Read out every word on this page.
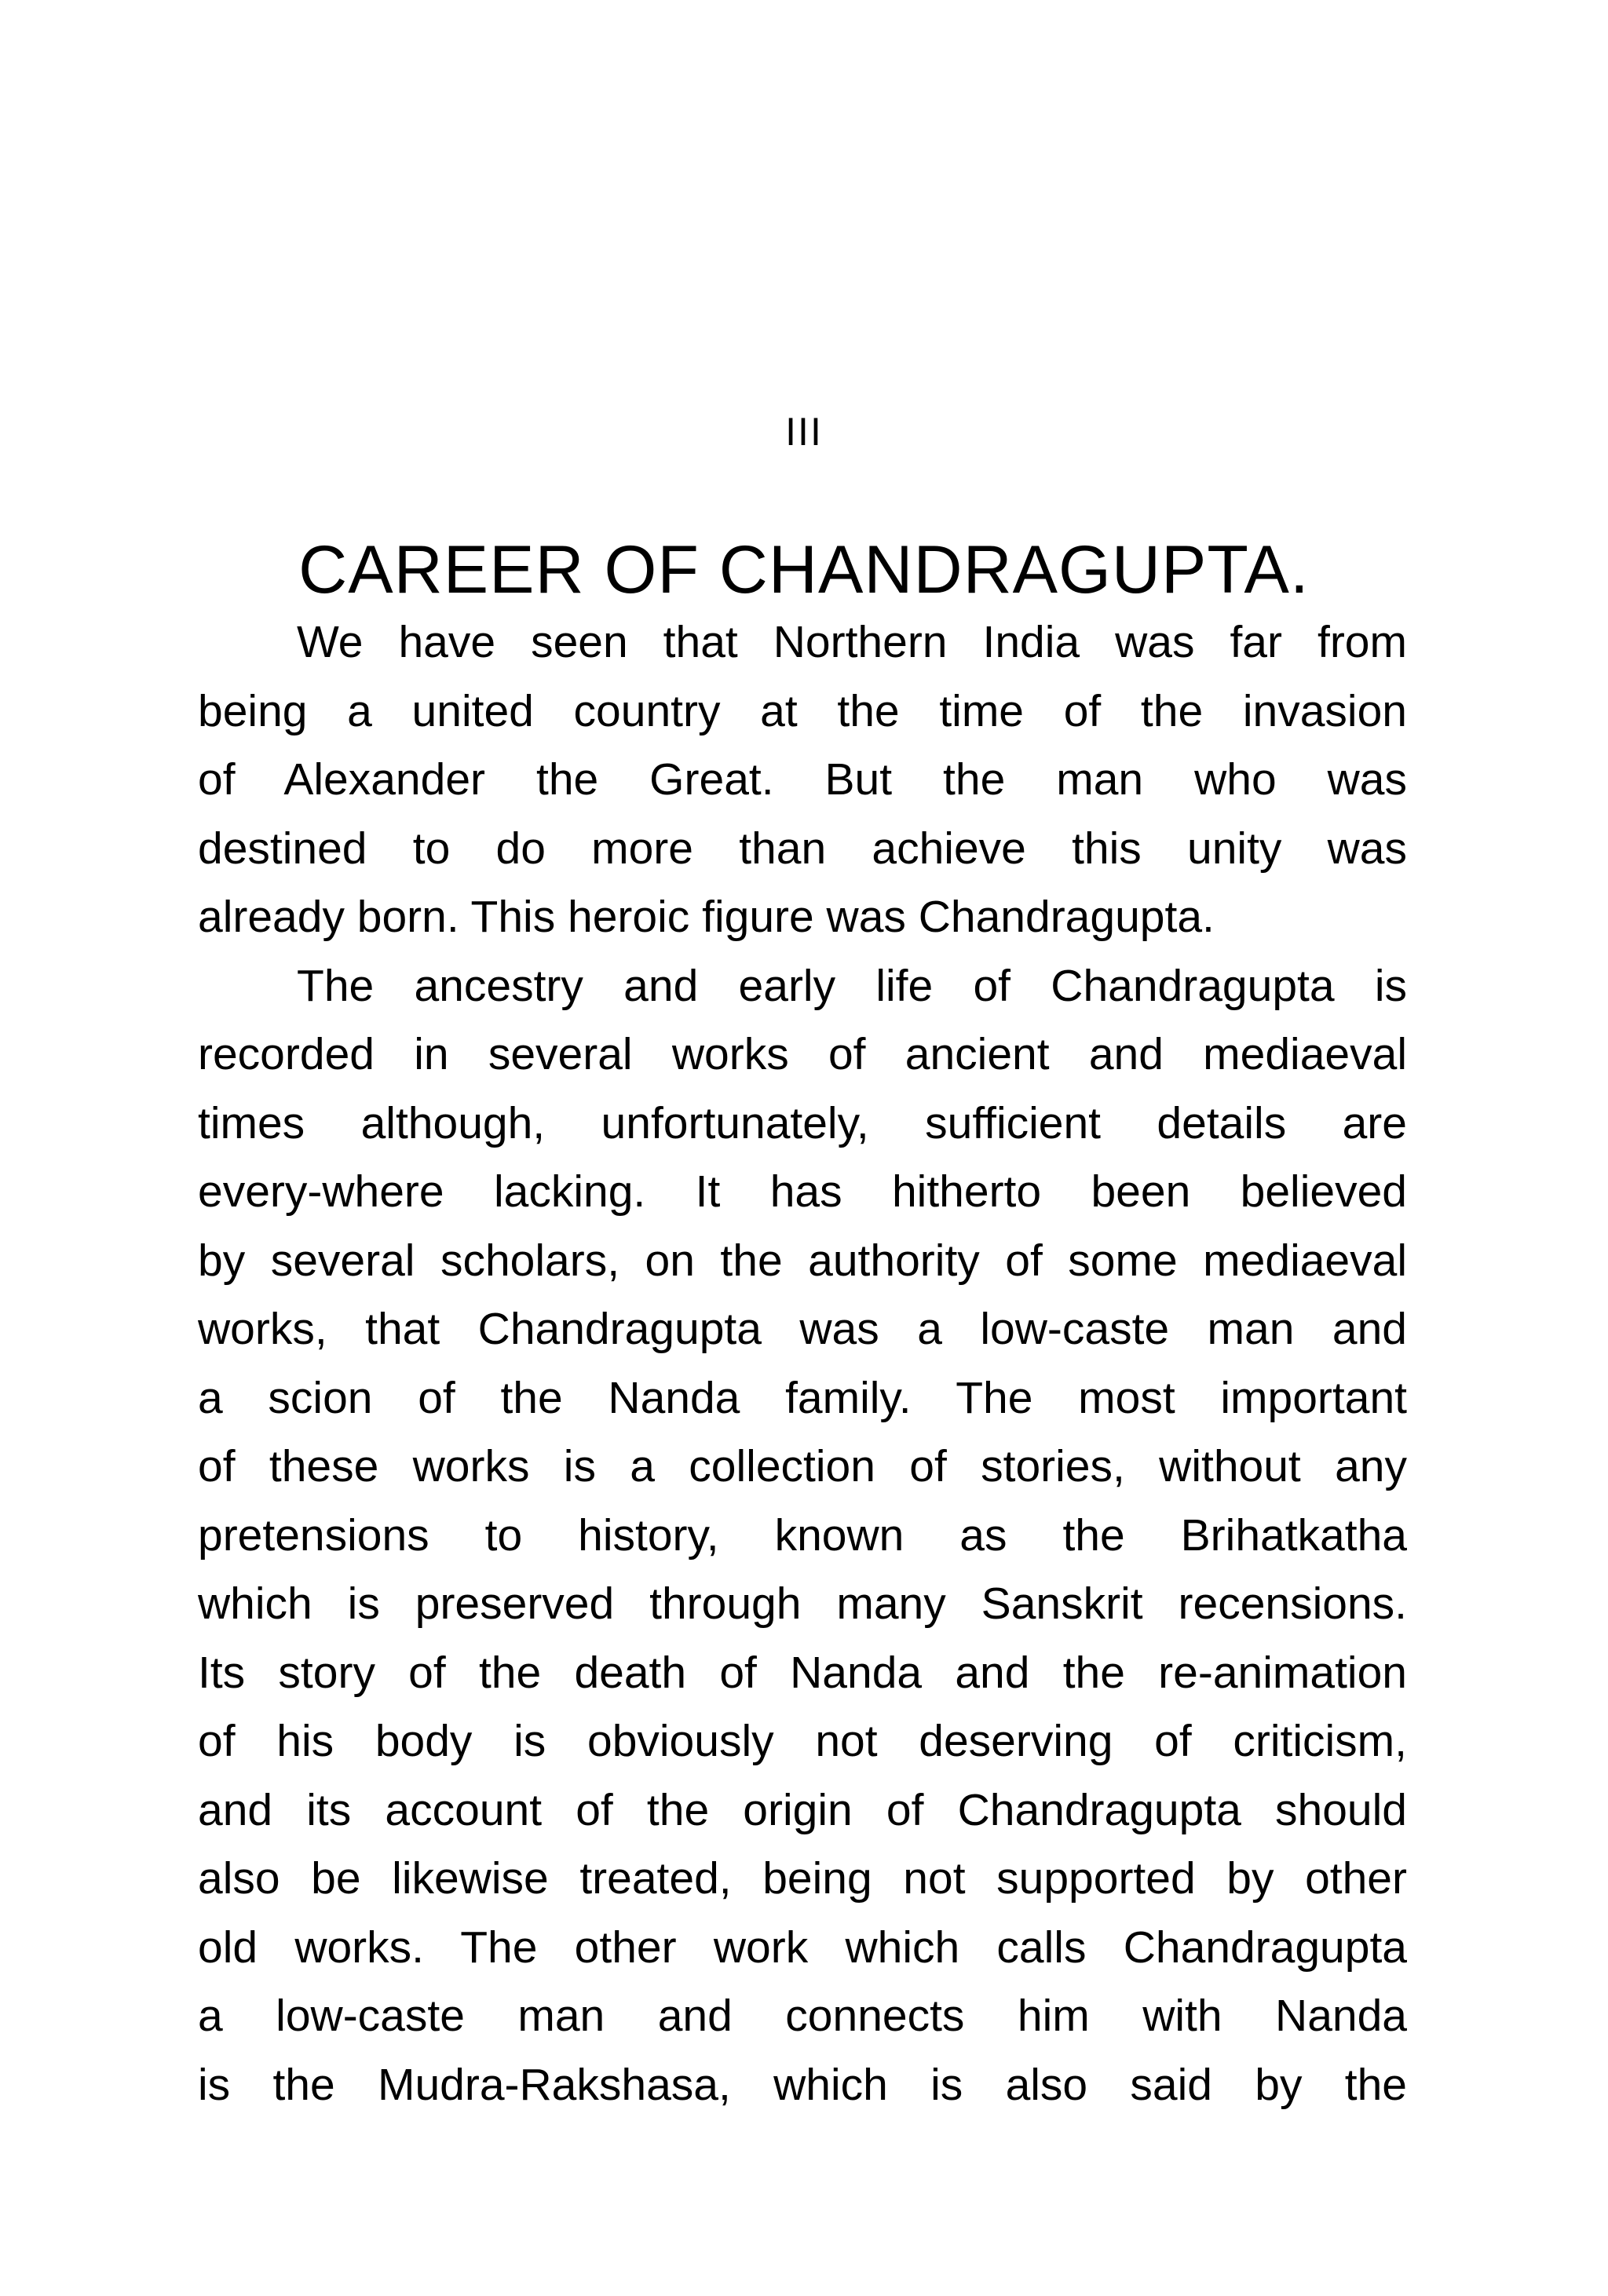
III
CAREER OF CHANDRAGUPTA.
We have seen that Northern India was far from
being a united country at the time of the invasion
of Alexander the Great. But the man who was
destined to do more than achieve this unity was
already born. This heroic figure was Chandragupta.
The ancestry and early life of Chandragupta is
recorded in several works of ancient and mediaeval
times although, unfortunately, sufficient details are
every-where lacking. It has hitherto been believed
by several scholars, on the authority of some mediaeval
works, that Chandragupta was a low-caste man and
a scion of the Nanda family. The most important
of these works is a collection of stories, without any
pretensions to history, known as the Brihatkatha
which is preserved through many Sanskrit recensions.
Its story of the death of Nanda and the re-animation
of his body is obviously not deserving of criticism,
and its account of the origin of Chandragupta should
also be likewise treated, being not supported by other
old works. The other work which calls Chandragupta
a low-caste man and connects him with Nanda
is the Mudra-Rakshasa, which is also said by the
